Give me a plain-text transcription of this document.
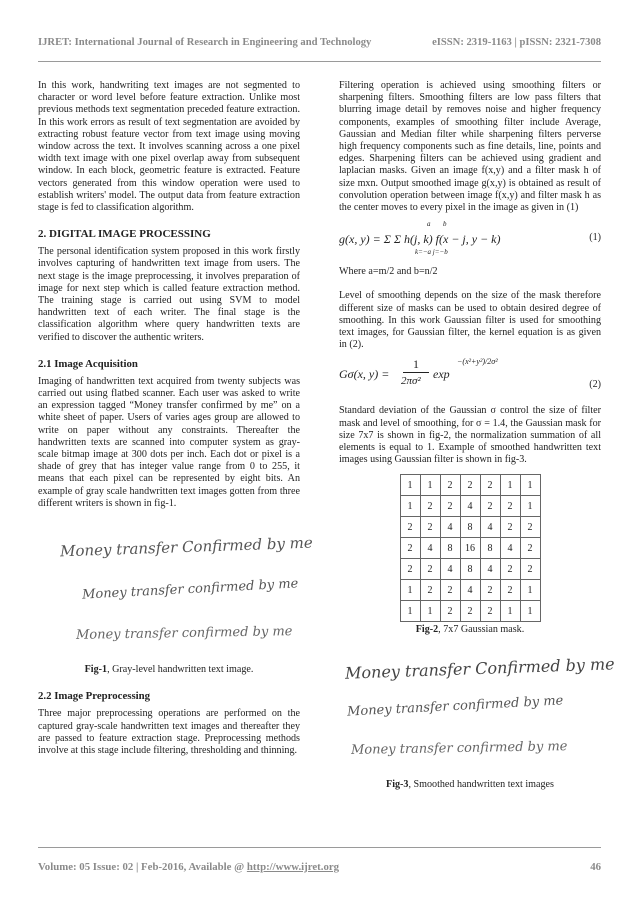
IJRET: International Journal of Research in Engineering and Technology	eISSN: 2319-1163 | pISSN: 2321-7308

In this work, handwriting text images are not segmented to character or word level before feature extraction. Unlike most previous methods text segmentation preceded feature extraction. In this work errors as result of text segmentation are avoided by extracting robust feature vector from text image using moving window across the text. It involves scanning across a one pixel width text image with one pixel overlap away from subsequent window. In each block, geometric feature is extracted. Feature vectors generated from this window operation were used to establish writers' model. The output data from feature extraction stage is fed to classification algorithm.

2. DIGITAL IMAGE PROCESSING

The personal identification system proposed in this work firstly involves capturing of handwritten text image from users. The next stage is the image preprocessing, it involves preparation of image for next step which is called feature extraction method. The training stage is carried out using SVM to model handwritten text of each writer. The final stage is the classification algorithm where query handwritten texts are verified to discover the authentic writers.

2.1 Image Acquisition

Imaging of handwritten text acquired from twenty subjects was carried out using flatbed scanner. Each user was asked to write an expression tagged “Money transfer confirmed by me” on a white sheet of paper. Users of varies ages group are allowed to write on paper without any constraints. Thereafter the handwritten texts are scanned into computer system as gray-scale bitmap image at 300 dots per inch. Each dot or pixel is a shade of grey that has integer value range from 0 to 255, it means that each pixel can be represented by eight bits. An example of gray scale handwritten text images gotten from three different writers is shown in fig-1.

Money transfer Confirmed by me
Money transfer confirmed by me
Money transfer confirmed by me

Fig-1, Gray-level handwritten text image.

2.2 Image Preprocessing

Three major preprocessing operations are performed on the captured gray-scale handwritten text images and thereafter they are passed to feature extraction stage. Preprocessing methods involve at this stage include filtering, thresholding and thinning.

Filtering operation is achieved using smoothing filters or sharpening filters. Smoothing filters are low pass filters that blurring image detail by removes noise and higher frequency components, examples of smoothing filter include Average, Gaussian and Median filter while sharpening filters perverse high frequency components such as fine details, line, points and edges. Sharpening filters can be achieved using gradient and laplacian masks. Given an image f(x,y) and a filter mask h of size mxn. Output smoothed image g(x,y) is obtained as result of convolution operation between image f(x,y) and filter mask h as the center moves to every pixel in the image as given in (1)

g(x, y) = Σ Σ h(j, k) f(x − j, y − k)
a b
k=−a j=−b
(1)

Where a=m/2 and b=n/2

Level of smoothing depends on the size of the mask therefore different size of masks can be used to obtain desired degree of smoothing. In this work Gaussian filter is used for smoothing text images, for Gaussian filter, the kernel equation is as given in (2).

Gσ(x, y) =
1
2πσ² exp
−(x²+y²)/2σ²
(2)

Standard deviation of the Gaussian σ control the size of filter mask and level of smoothing, for σ = 1.4, the Gaussian mask for size 7x7 is shown in fig-2, the normalization summation of all elements is equal to 1. Example of smoothed handwritten text images using Gaussian filter is shown in fig-3.

1	1	2	2	2	1	1
1	2	2	4	2	2	1
2	2	4	8	4	2	2
2	4	8	16	8	4	2
2	2	4	8	4	2	2
1	2	2	4	2	2	1
1	1	2	2	2	1	1

Fig-2, 7x7 Gaussian mask.

Money transfer Confirmed by me
Money transfer confirmed by me
Money transfer confirmed by me

Fig-3, Smoothed handwritten text images

Volume: 05 Issue: 02 | Feb-2016, Available @ http://www.ijret.org	46
